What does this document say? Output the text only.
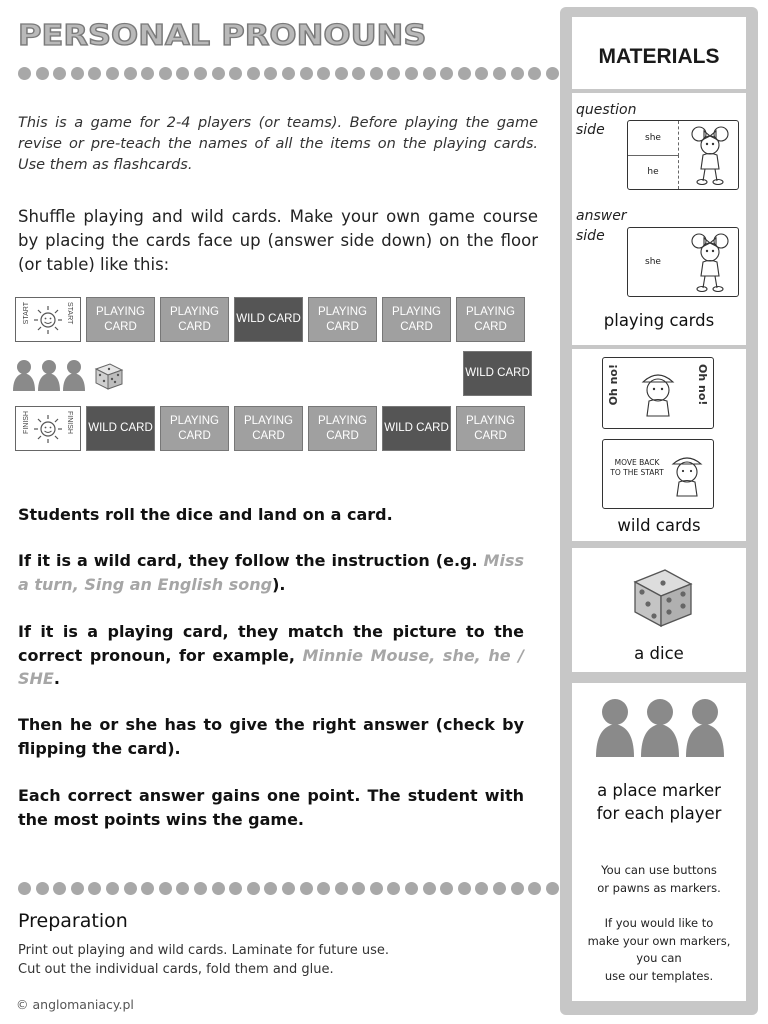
PERSONAL PRONOUNS

This is a game for 2-4 players (or teams). Before playing the game revise or pre-teach the names of all the items on the playing cards. Use them as flashcards.

Shuffle playing and wild cards. Make your own game course by placing the cards face up (answer side down) on the floor (or table) like this:

START	START	PLAYING CARD
PLAYING CARD
WILD CARD
PLAYING CARD
PLAYING CARD
PLAYING CARD
WILD CARD
FINISH	FINISH	WILD CARD
PLAYING CARD
PLAYING CARD
PLAYING CARD
WILD CARD
PLAYING CARD

Students roll the dice and land on a card.

If it is a wild card, they follow the instruction (e.g. Miss a turn, Sing an English song).

If it is a playing card, they match the picture to the correct pronoun, for example, Minnie Mouse, she, he / SHE.

Then he or she has to give the right answer (check by flipping the card).

Each correct answer gains one point. The student with the most points wins the game.

Preparation
Print out playing and wild cards. Laminate for future use.
Cut out the individual cards, fold them and glue.
© anglomaniacy.pl
MATERIALS
question
side	she
he
answer
side
she
playing cards
Oh no!	Oh no!
MOVE BACK TO THE START
wild cards
a dice
a place marker
for each player
You can use buttons
or pawns as markers.
If you would like to
make your own markers,
you can
use our templates.
